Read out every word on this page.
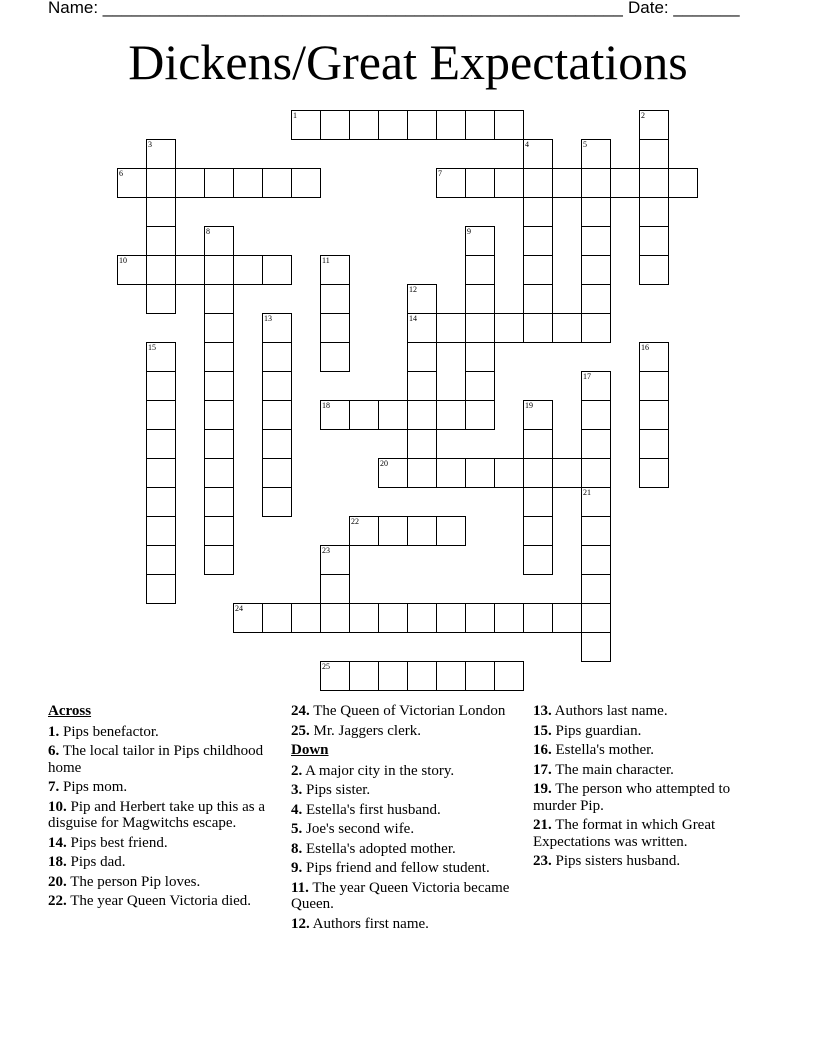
Name: _______________________________________________________ Date: _______
Dickens/Great Expectations
1
6	7
10
14
18
20
22
24
25
2
3	4	5
8	9
11
12
13
15	16
17
19
21
23
Across
1. Pips benefactor.
6. The local tailor in Pips childhood home
7. Pips mom.
10. Pip and Herbert take up this as a disguise for Magwitchs escape.
14. Pips best friend.
18. Pips dad.
20. The person Pip loves.
22. The year Queen Victoria died.
24. The Queen of Victorian London
25. Mr. Jaggers clerk.
Down
2. A major city in the story.
3. Pips sister.
4. Estella's first husband.
5. Joe's second wife.
8. Estella's adopted mother.
9. Pips friend and fellow student.
11. The year Queen Victoria became Queen.
12. Authors first name.
13. Authors last name.
15. Pips guardian.
16. Estella's mother.
17. The main character.
19. The person who attempted to murder Pip.
21. The format in which Great Expectations was written.
23. Pips sisters husband.
